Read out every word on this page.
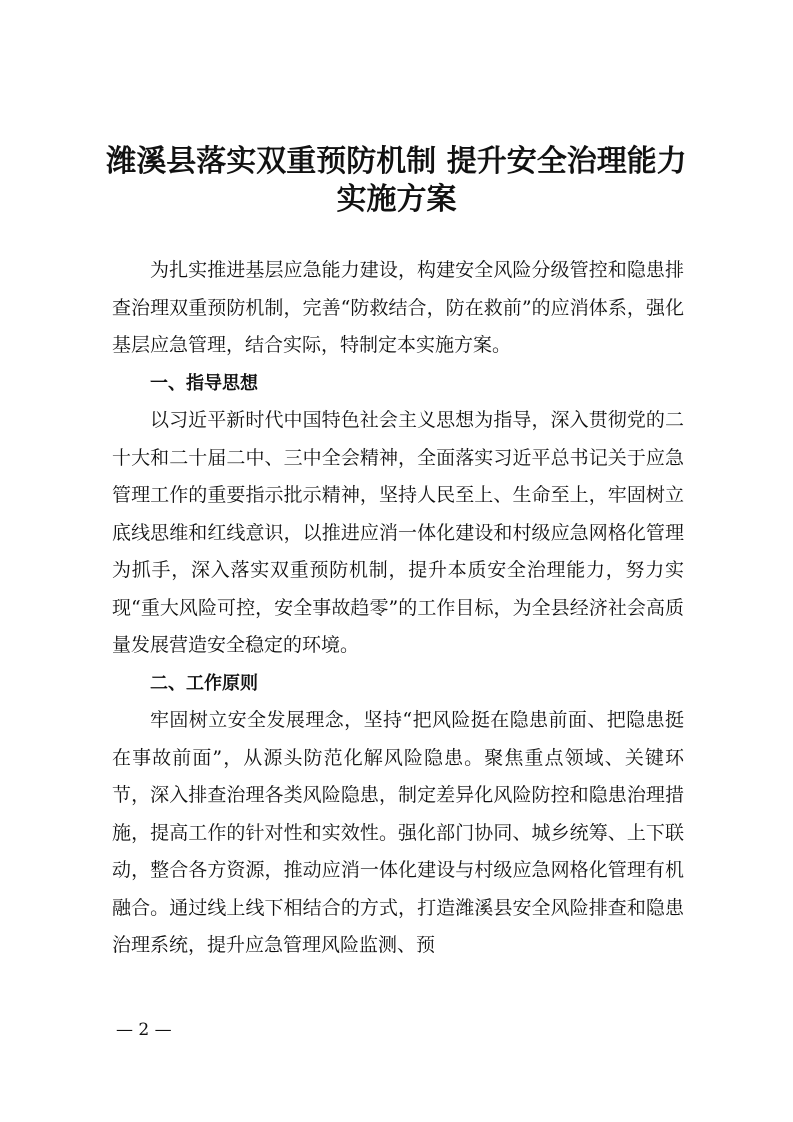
潍溪县落实双重预防机制 提升安全治理能力
实施方案

为扎实推进基层应急能力建设，构建安全风险分级管控和隐患排查治理双重预防机制，完善“防救结合，防在救前”的应消体系，强化基层应急管理，结合实际，特制定本实施方案。

一、指导思想

以习近平新时代中国特色社会主义思想为指导，深入贯彻党的二十大和二十届二中、三中全会精神，全面落实习近平总书记关于应急管理工作的重要指示批示精神，坚持人民至上、生命至上，牢固树立底线思维和红线意识，以推进应消一体化建设和村级应急网格化管理为抓手，深入落实双重预防机制，提升本质安全治理能力，努力实现“重大风险可控，安全事故趋零”的工作目标，为全县经济社会高质量发展营造安全稳定的环境。

二、工作原则

牢固树立安全发展理念，坚持“把风险挺在隐患前面、把隐患挺在事故前面”，从源头防范化解风险隐患。聚焦重点领域、关键环节，深入排查治理各类风险隐患，制定差异化风险防控和隐患治理措施，提高工作的针对性和实效性。强化部门协同、城乡统筹、上下联动，整合各方资源，推动应消一体化建设与村级应急网格化管理有机融合。通过线上线下相结合的方式，打造潍溪县安全风险排查和隐患治理系统，提升应急管理风险监测、预

— 2 —
